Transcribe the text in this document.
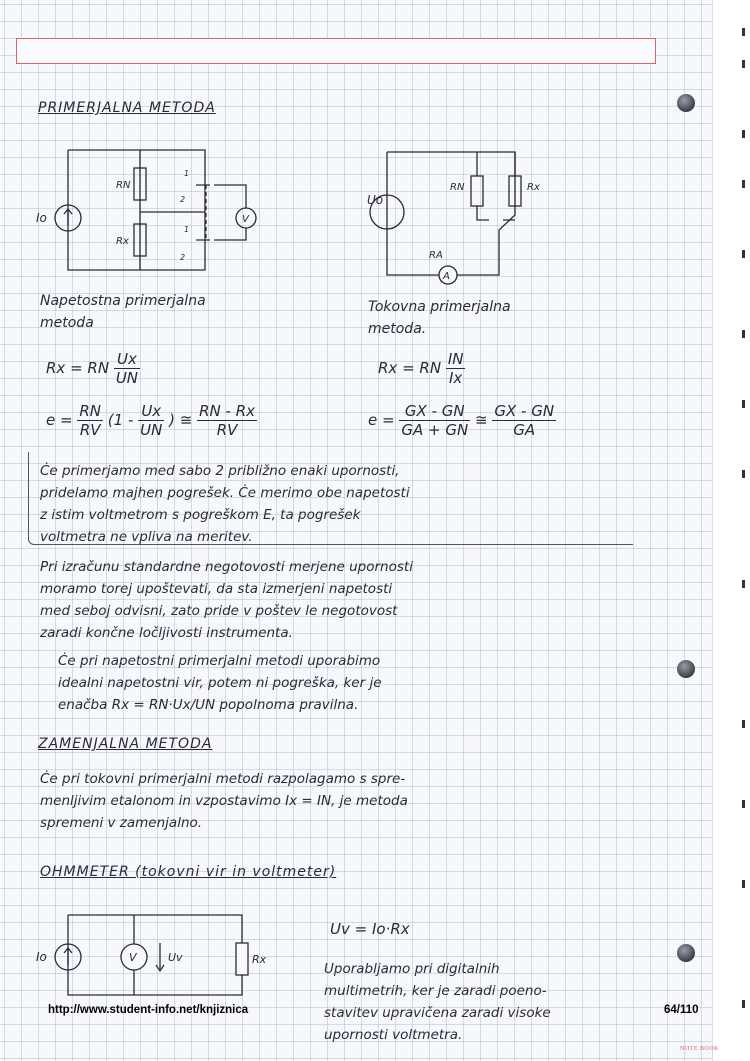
PRIMERJALNA METODA
Io
RN
Rx
V
1
2
1
2
Uo
RN	Rx
RA
A
Napetostna primerjalna
metoda
Tokovna primerjalna
metoda.
Rx = RN $\frac{Ux}{UN}$	Rx = RN $\frac{IN}{Ix}$
$e = \frac{RN}{RV} (1 - \frac{Ux}{UN}$ ) ≅ $\frac{RN - Rx}{RV}$	$e = \frac{GX - GN}{GA + GN}$ ≅ $\frac{GX - GN}{GA}$

Ċe primerjamo med sabo 2 približno enaki upornosti,

pridelamo majhen pogrešek. Ċe merimo obe napetosti

z istim voltmetrom s pogreškom E, ta pogrešek

voltmetra ne vpliva na meritev.

Pri izračunu standardne negotovosti merjene upornosti

moramo torej upoštevati, da sta izmerjeni napetosti

med seboj odvisni, zato pride v poštev le negotovost

zaradi končne ločljivosti instrumenta.

Ċe pri napetostni primerjalni metodi uporabimo

idealni napetostni vir, potem ni pogreška, ker je

enačba Rx = RN·Ux/UN popolnoma pravilna.

ZAMENJALNA METODA

Ċe pri tokovni primerjalni metodi razpolagamo s spre-

menljivim etalonom in vzpostavimo Ix = IN, je metoda

spremeni v zamenjalno.

OHMMETER (tokovni vir in voltmeter)
Io	V	Uv	Rx
Uv = Io·Rx

Uporabljamo pri digitalnih

multimetrih, ker je zaradi poeno-

stavitev upravičena zaradi visoke

upornosti voltmetra.

http://www.student-info.net/knjiznica	64/110
NOTE BOOK
